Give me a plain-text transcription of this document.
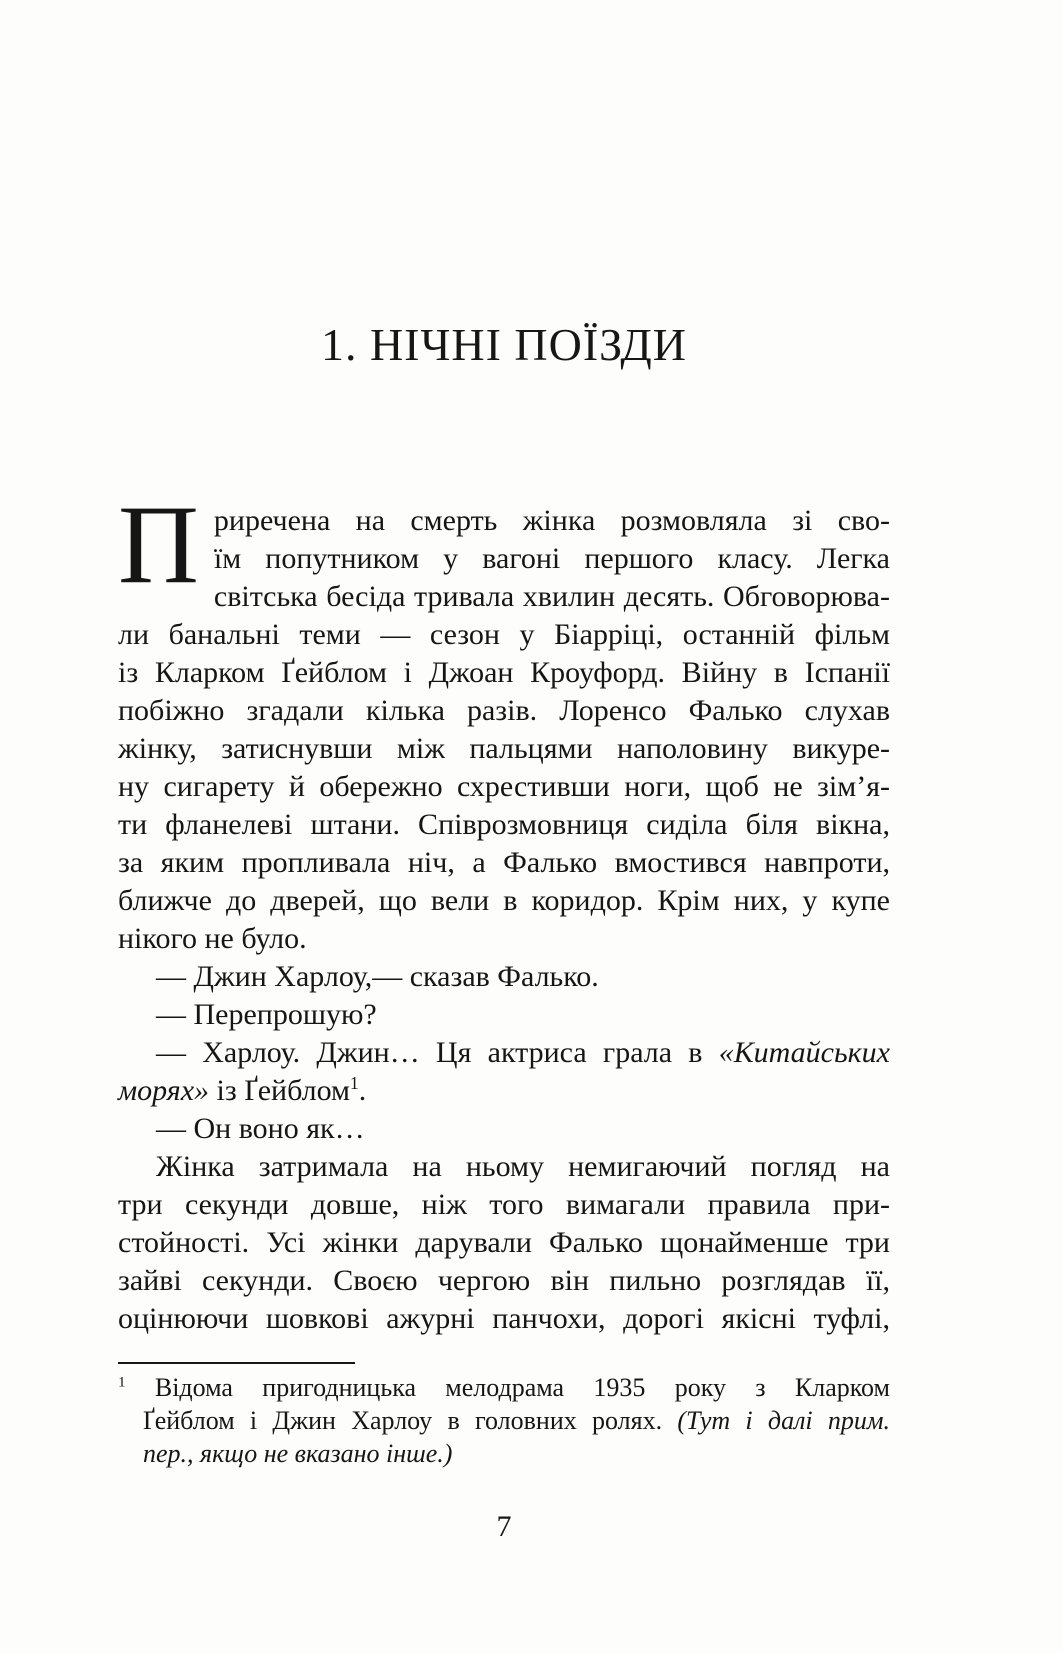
1. НІЧНІ ПОЇЗДИ
П риречена на смерть жінка розмовляла зі сво-
їм попутником у вагоні першого класу. Легка
світська бесіда тривала хвилин десять. Обговорюва-
ли банальні теми — сезон у Біарріці, останній фільм
із Кларком Ґейблом і Джоан Кроуфорд. Війну в Іспанії
побіжно згадали кілька разів. Лоренсо Фалько слухав
жінку, затиснувши між пальцями наполовину викуре-
ну сигарету й обережно схрестивши ноги, щоб не зім’я-
ти фланелеві штани. Співрозмовниця сиділа біля вікна,
за яким пропливала ніч, а Фалько вмостився навпроти,
ближче до дверей, що вели в коридор. Крім них, у купе
нікого не було.
— Джин Харлоу,— сказав Фалько.
— Перепрошую?
— Харлоу. Джин… Ця актриса грала в «Китайських
морях» із Ґейблом$^1$.
— Он воно як…
Жінка затримала на ньому немигаючий погляд на
три секунди довше, ніж того вимагали правила при-
стойності. Усі жінки дарували Фалько щонайменше три
зайві секунди. Своєю чергою він пильно розглядав її,
оцінюючи шовкові ажурні панчохи, дорогі якісні туфлі,
$^1$ Відома пригодницька мелодрама 1935 року з Кларком
Ґейблом і Джин Харлоу в головних ролях. (Тут і далі прим.
пер., якщо не вказано інше.)
7
